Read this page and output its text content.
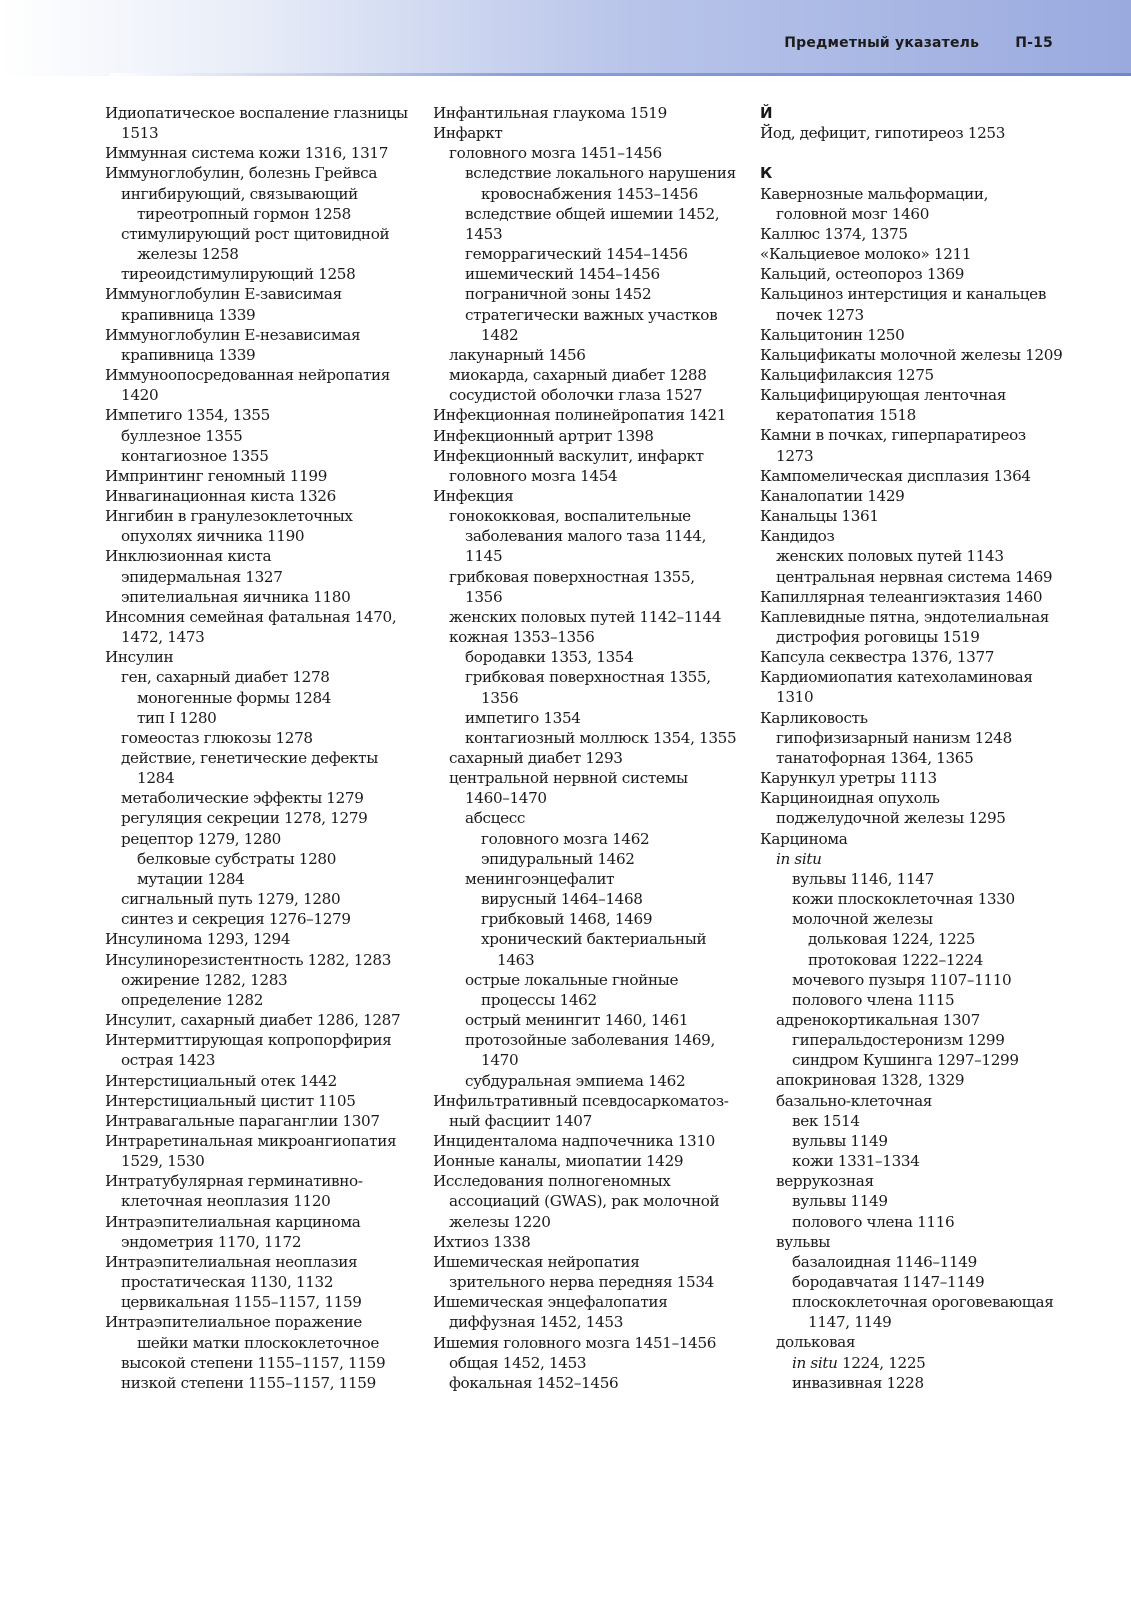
Предметный указатель	П-15
Идиопатическое воспаление глазницы
1513
Иммунная система кожи 1316, 1317
Иммуноглобулин, болезнь Грейвса
ингибирующий, связывающий
тиреотропный гормон 1258
стимулирующий рост щитовидной
железы 1258
тиреоидстимулирующий 1258
Иммуноглобулин Е-зависимая
крапивница 1339
Иммуноглобулин Е-независимая
крапивница 1339
Иммуноопосредованная нейропатия
1420
Импетиго 1354, 1355
буллезное 1355
контагиозное 1355
Импринтинг геномный 1199
Инвагинационная киста 1326
Ингибин в гранулезоклеточных
опухолях яичника 1190
Инклюзионная киста
эпидермальная 1327
эпителиальная яичника 1180
Инсомния семейная фатальная 1470,
1472, 1473
Инсулин
ген, сахарный диабет 1278
моногенные формы 1284
тип I 1280
гомеостаз глюкозы 1278
действие, генетические дефекты
1284
метаболические эффекты 1279
регуляция секреции 1278, 1279
рецептор 1279, 1280
белковые субстраты 1280
мутации 1284
сигнальный путь 1279, 1280
синтез и секреция 1276–1279
Инсулинома 1293, 1294
Инсулинорезистентность 1282, 1283
ожирение 1282, 1283
определение 1282
Инсулит, сахарный диабет 1286, 1287
Интермиттирующая копропорфирия
острая 1423
Интерстициальный отек 1442
Интерстициальный цистит 1105
Интравагальные параганглии 1307
Интраретинальная микроангиопатия
1529, 1530
Интратубулярная герминативно-
клеточная неоплазия 1120
Интраэпителиальная карцинома
эндометрия 1170, 1172
Интраэпителиальная неоплазия
простатическая 1130, 1132
цервикальная 1155–1157, 1159
Интраэпителиальное поражение
шейки матки плоскоклеточное
высокой степени 1155–1157, 1159
низкой степени 1155–1157, 1159
Инфантильная глаукома 1519
Инфаркт
головного мозга 1451–1456
вследствие локального нарушения
кровоснабжения 1453–1456
вследствие общей ишемии 1452,
1453
геморрагический 1454–1456
ишемический 1454–1456
пограничной зоны 1452
стратегически важных участков
1482
лакунарный 1456
миокарда, сахарный диабет 1288
сосудистой оболочки глаза 1527
Инфекционная полинейропатия 1421
Инфекционный артрит 1398
Инфекционный васкулит, инфаркт
головного мозга 1454
Инфекция
гонококковая, воспалительные
заболевания малого таза 1144,
1145
грибковая поверхностная 1355,
1356
женских половых путей 1142–1144
кожная 1353–1356
бородавки 1353, 1354
грибковая поверхностная 1355,
1356
импетиго 1354
контагиозный моллюск 1354, 1355
сахарный диабет 1293
центральной нервной системы
1460–1470
абсцесс
головного мозга 1462
эпидуральный 1462
менингоэнцефалит
вирусный 1464–1468
грибковый 1468, 1469
хронический бактериальный
1463
острые локальные гнойные
процессы 1462
острый менингит 1460, 1461
протозойные заболевания 1469,
1470
субдуральная эмпиема 1462
Инфильтративный псевдосаркоматоз-
ный фасциит 1407
Инциденталома надпочечника 1310
Ионные каналы, миопатии 1429
Исследования полногеномных
ассоциаций (GWAS), рак молочной
железы 1220
Ихтиоз 1338
Ишемическая нейропатия
зрительного нерва передняя 1534
Ишемическая энцефалопатия
диффузная 1452, 1453
Ишемия головного мозга 1451–1456
общая 1452, 1453
фокальная 1452–1456
Й
Йод, дефицит, гипотиреоз 1253
К
Кавернозные мальформации,
головной мозг 1460
Каллюс 1374, 1375
«Кальциевое молоко» 1211
Кальций, остеопороз 1369
Кальциноз интерстиция и канальцев
почек 1273
Кальцитонин 1250
Кальцификаты молочной железы 1209
Кальцифилаксия 1275
Кальцифицирующая ленточная
кератопатия 1518
Камни в почках, гиперпаратиреоз
1273
Кампомелическая дисплазия 1364
Каналопатии 1429
Канальцы 1361
Кандидоз
женских половых путей 1143
центральная нервная система 1469
Капиллярная телеангиэктазия 1460
Каплевидные пятна, эндотелиальная
дистрофия роговицы 1519
Капсула секвестра 1376, 1377
Кардиомиопатия катехоламиновая
1310
Карликовость
гипофизизарный нанизм 1248
танатофорная 1364, 1365
Карункул уретры 1113
Карциноидная опухоль
поджелудочной железы 1295
Карцинома
in situ
вульвы 1146, 1147
кожи плоскоклеточная 1330
молочной железы
дольковая 1224, 1225
протоковая 1222–1224
мочевого пузыря 1107–1110
полового члена 1115
адренокортикальная 1307
гиперальдостеронизм 1299
синдром Кушинга 1297–1299
апокриновая 1328, 1329
базально-клеточная
век 1514
вульвы 1149
кожи 1331–1334
веррукозная
вульвы 1149
полового члена 1116
вульвы
базалоидная 1146–1149
бородавчатая 1147–1149
плоскоклеточная ороговевающая
1147, 1149
дольковая
in situ 1224, 1225
инвазивная 1228
